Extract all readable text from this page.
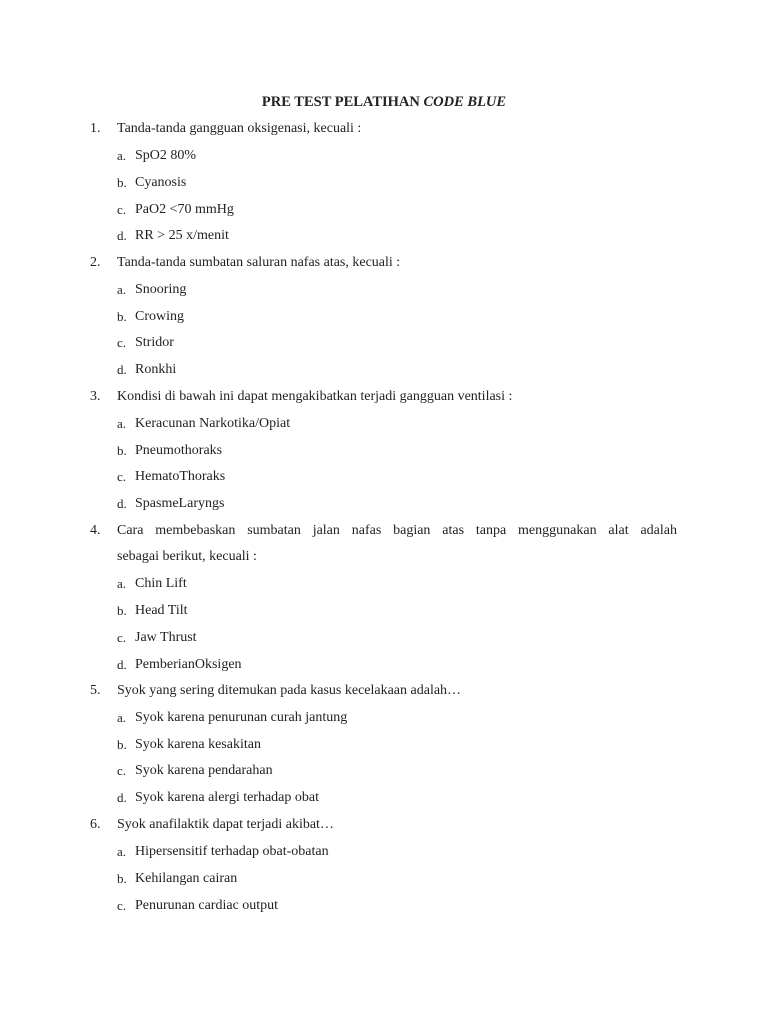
PRE TEST PELATIHAN CODE BLUE
1. Tanda-tanda gangguan oksigenasi, kecuali :
a. SpO2 80%
b. Cyanosis
c. PaO2 <70 mmHg
d. RR > 25 x/menit
2. Tanda-tanda sumbatan saluran nafas atas, kecuali :
a. Snooring
b. Crowing
c. Stridor
d. Ronkhi
3. Kondisi di bawah ini dapat mengakibatkan terjadi gangguan ventilasi :
a. Keracunan Narkotika/Opiat
b. Pneumothoraks
c. HematoThoraks
d. SpasmeLaryngs
4. Cara membebaskan sumbatan jalan nafas bagian atas tanpa menggunakan alat adalah
sebagai berikut, kecuali :
a. Chin Lift
b. Head Tilt
c. Jaw Thrust
d. PemberianOksigen
5. Syok yang sering ditemukan pada kasus kecelakaan adalah…
a. Syok karena penurunan curah jantung
b. Syok karena kesakitan
c. Syok karena pendarahan
d. Syok karena alergi terhadap obat
6. Syok anafilaktik dapat terjadi akibat…
a. Hipersensitif terhadap obat-obatan
b. Kehilangan cairan
c. Penurunan cardiac output
